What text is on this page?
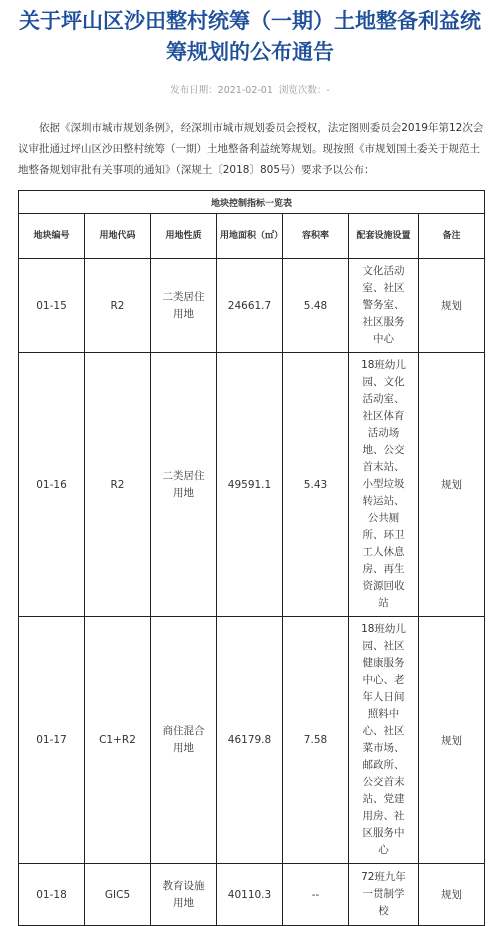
关于坪山区沙田整村统筹（一期）土地整备利益统筹规划的公布通告
发布日期：2021-02-01 浏览次数：-
依据《深圳市城市规划条例》，经深圳市城市规划委员会授权，法定图则委员会2019年第12次会议审批通过坪山区沙田整村统筹（一期）土地整备利益统筹规划。现按照《市规划国土委关于规范土地整备规划审批有关事项的通知》（深规土〔2018〕805号）要求予以公布：
地块控制指标一览表						
地块编号	用地代码	用地性质	用地面积（㎡）	容积率	配套设施设置	备注
01-15	R2	二类居住用地	24661.7	5.48	文化活动室、社区警务室、社区服务中心	规划
01-16	R2	二类居住用地	49591.1	5.43	18班幼儿园、文化活动室、社区体育活动场地、公交首末站、小型垃圾转运站、公共厕所、环卫工人休息房、再生资源回收站	规划
01-17	C1+R2	商住混合用地	46179.8	7.58	18班幼儿园、社区健康服务中心、老年人日间照料中心、社区菜市场、邮政所、公交首末站、党建用房、社区服务中心	规划
01-18	GIC5	教育设施用地	40110.3	--	72班九年一贯制学校	规划
